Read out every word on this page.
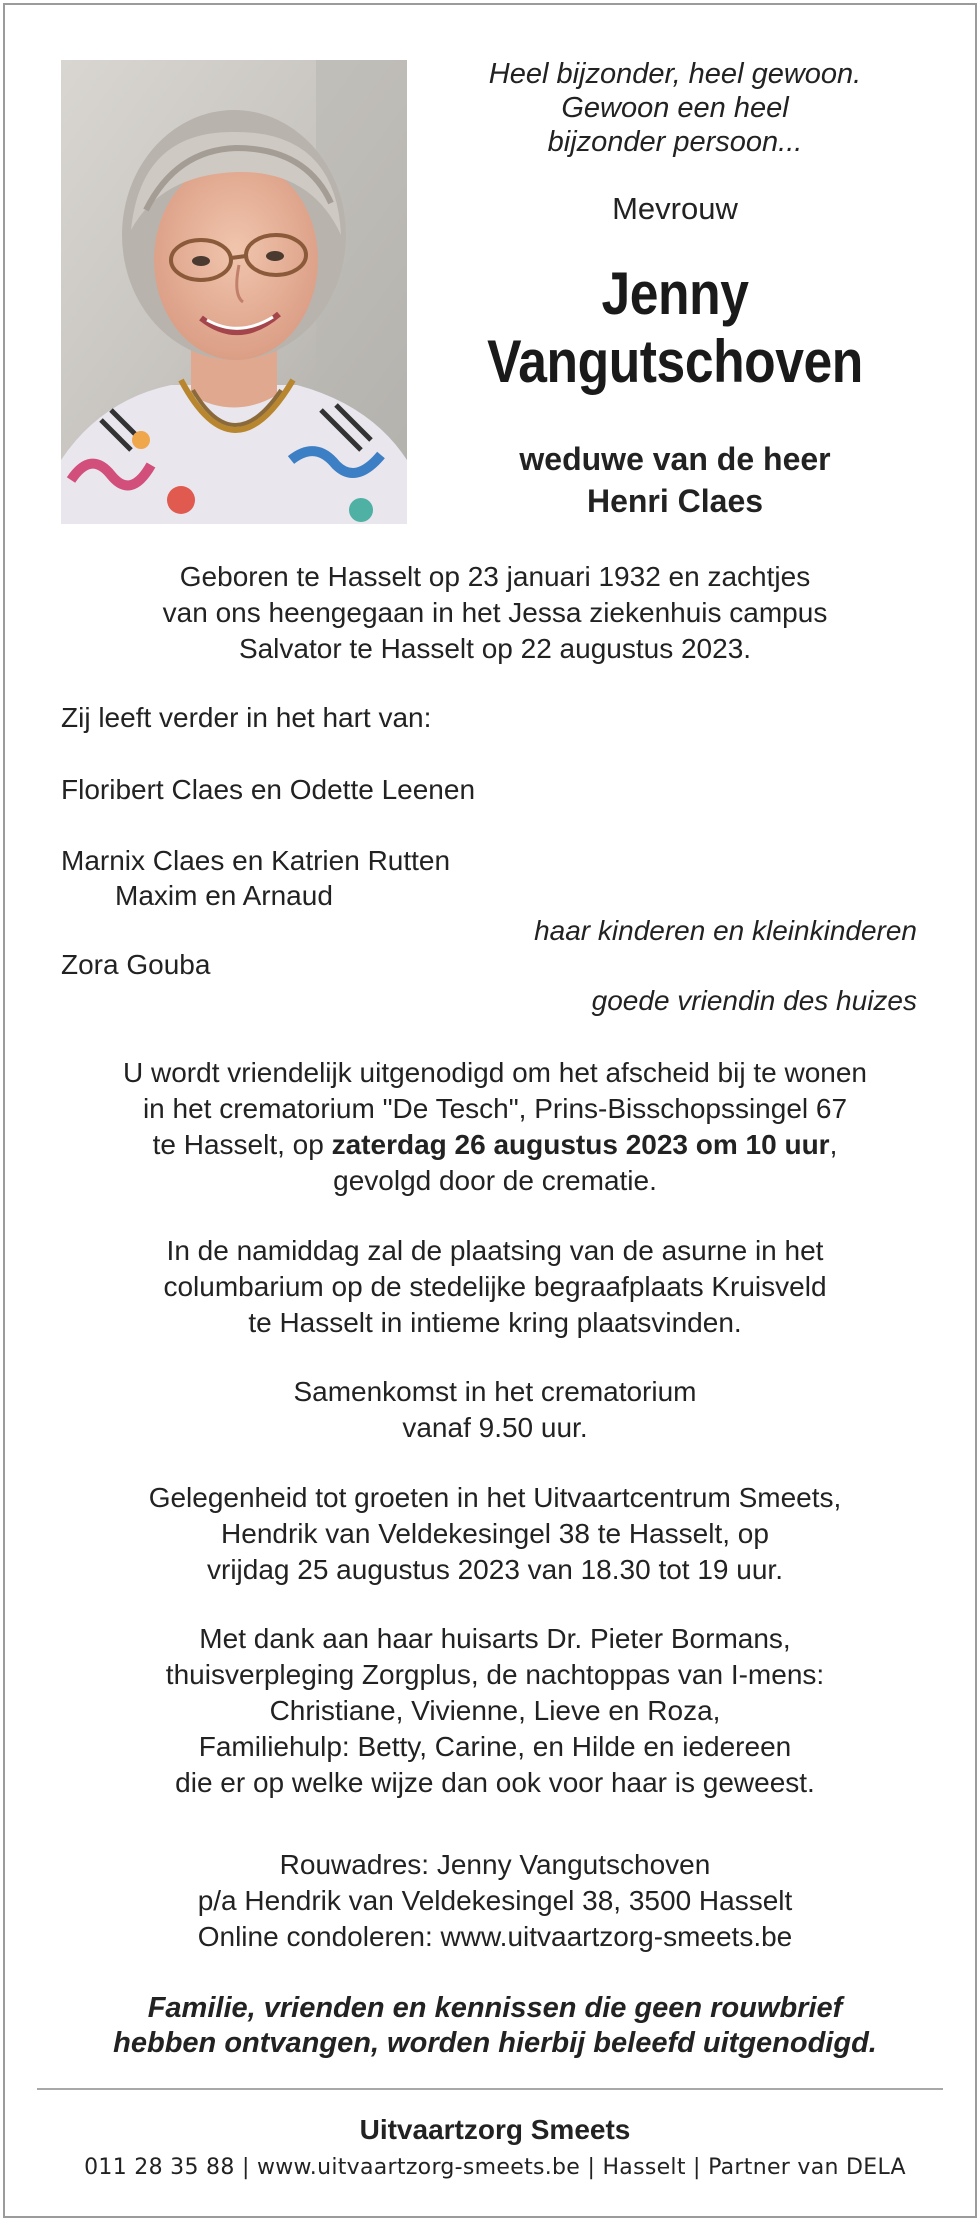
Heel bijzonder, heel gewoon.
Gewoon een heel
bijzonder persoon...
Mevrouw
Jenny
Vangutschoven
weduwe van de heer
Henri Claes
Geboren te Hasselt op 23 januari 1932 en zachtjes
van ons heengegaan in het Jessa ziekenhuis campus
Salvator te Hasselt op 22 augustus 2023.
Zij leeft verder in het hart van:
Floribert Claes en Odette Leenen
Marnix Claes en Katrien Rutten
Maxim en Arnaud
haar kinderen en kleinkinderen
Zora Gouba
goede vriendin des huizes
U wordt vriendelijk uitgenodigd om het afscheid bij te wonen
in het crematorium "De Tesch", Prins-Bisschopssingel 67
te Hasselt, op zaterdag 26 augustus 2023 om 10 uur,
gevolgd door de crematie.
In de namiddag zal de plaatsing van de asurne in het
columbarium op de stedelijke begraafplaats Kruisveld
te Hasselt in intieme kring plaatsvinden.
Samenkomst in het crematorium
vanaf 9.50 uur.
Gelegenheid tot groeten in het Uitvaartcentrum Smeets,
Hendrik van Veldekesingel 38 te Hasselt, op
vrijdag 25 augustus 2023 van 18.30 tot 19 uur.
Met dank aan haar huisarts Dr. Pieter Bormans,
thuisverpleging Zorgplus, de nachtoppas van I-mens:
Christiane, Vivienne, Lieve en Roza,
Familiehulp: Betty, Carine, en Hilde en iedereen
die er op welke wijze dan ook voor haar is geweest.
Rouwadres: Jenny Vangutschoven
p/a Hendrik van Veldekesingel 38, 3500 Hasselt
Online condoleren: www.uitvaartzorg-smeets.be
Familie, vrienden en kennissen die geen rouwbrief
hebben ontvangen, worden hierbij beleefd uitgenodigd.
Uitvaartzorg Smeets
011 28 35 88 | www.uitvaartzorg-smeets.be | Hasselt | Partner van DELA
